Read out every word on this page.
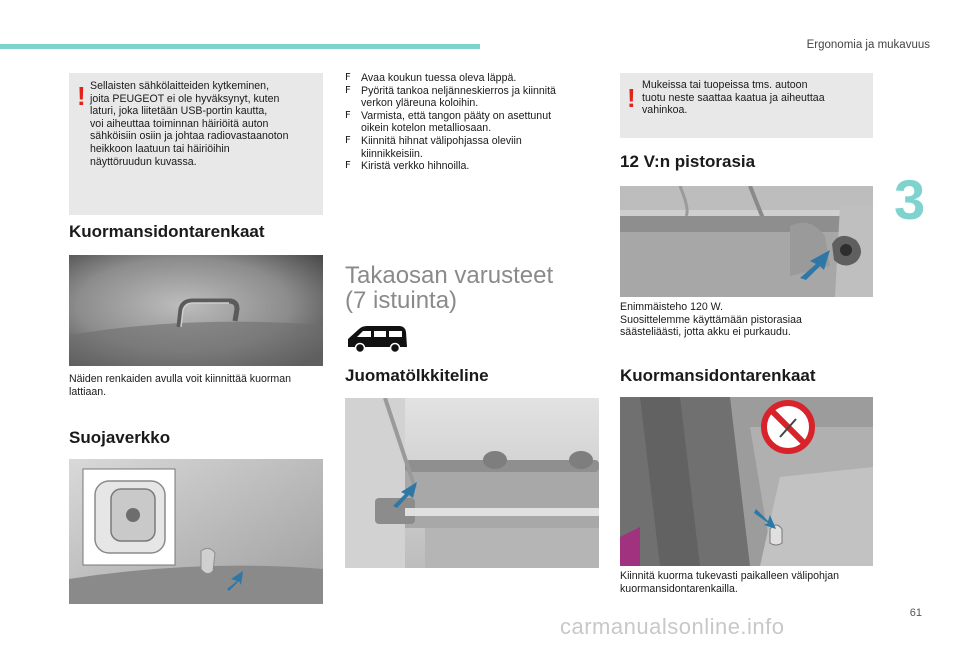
Ergonomia ja mukavuus
3
! Sellaisten sähkölaitteiden kytkeminen,
joita PEUGEOT ei ole hyväksynyt, kuten
laturi, joka liitetään USB-portin kautta,
voi aiheuttaa toiminnan häiriöitä auton
sähköisiin osiin ja johtaa radiovastaanoton
heikkoon laatuun tai häiriöihin
näyttöruudun kuvassa.
Kuormansidontarenkaat
Näiden renkaiden avulla voit kiinnittää kuorman
lattiaan.
Suojaverkko
F Avaa koukun tuessa oleva läppä.
F Pyöritä tankoa neljänneskierros ja kiinnitä
verkon yläreuna koloihin.
F Varmista, että tangon pääty on asettunut
oikein kotelon metalliosaan.
F Kiinnitä hihnat välipohjassa oleviin
kiinnikkeisiin.
F Kiristä verkko hihnoilla.
Takaosan varusteet
(7 istuinta)
Juomatölkkiteline
! Mukeissa tai tuopeissa tms. autoon
tuotu neste saattaa kaatua ja aiheuttaa
vahinkoa.
12 V:n pistorasia
Enimmäisteho 120 W.
Suosittelemme käyttämään pistorasiaa
säästeliäästi, jotta akku ei purkaudu.
Kuormansidontarenkaat
Kiinnitä kuorma tukevasti paikalleen välipohjan
kuormansidontarenkailla.
61
carmanualsonline.info
